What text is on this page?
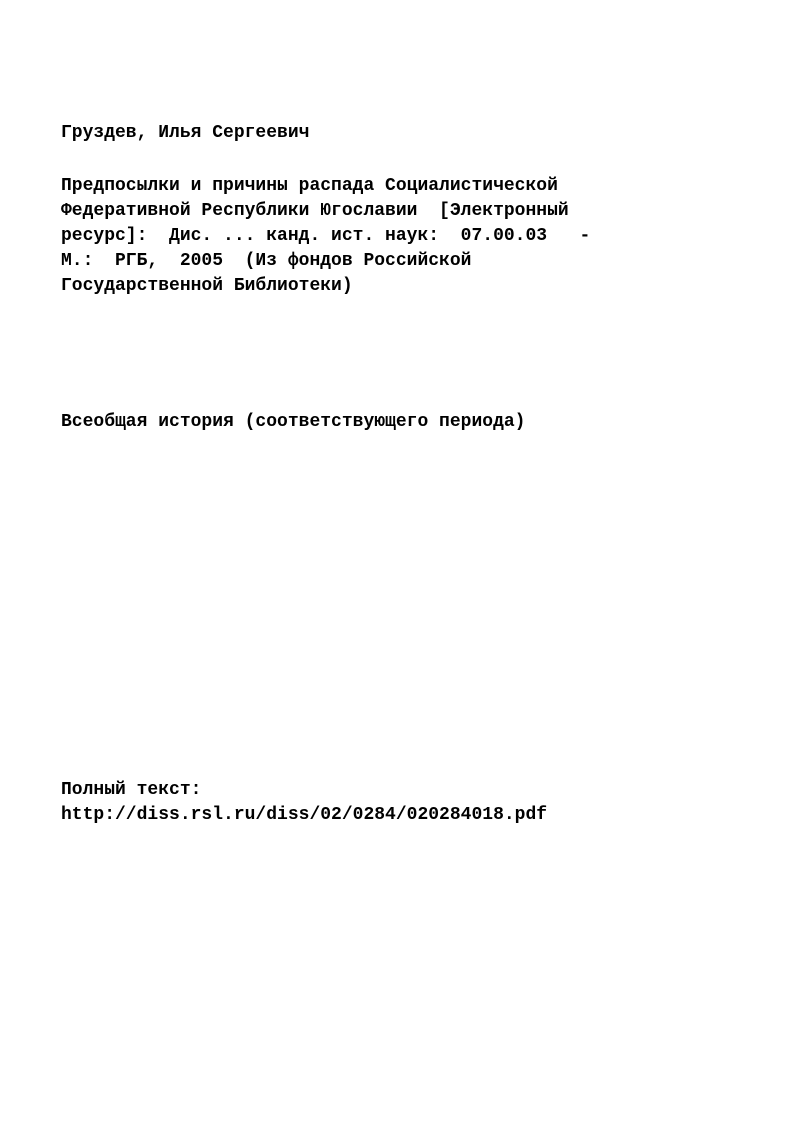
Груздев, Илья Сергеевич
Предпосылки и причины распада Социалистической
Федеративной Республики Югославии  [Электронный
ресурс]:  Дис. ... канд. ист. наук:  07.00.03   -
М.:  РГБ,  2005  (Из фондов Российской
Государственной Библиотеки)
Всеобщая история (соответствующего периода)
Полный текст:
http://diss.rsl.ru/diss/02/0284/020284018.pdf
